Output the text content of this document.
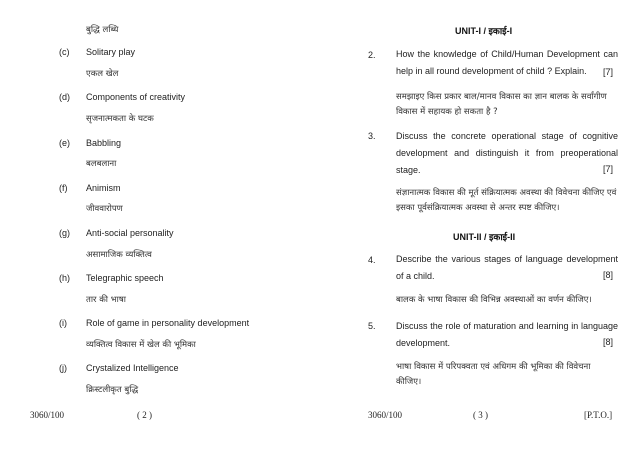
बुद्धि लब्धि
(c) Solitary play
एकल खेल
(d) Components of creativity
सृजनात्मकता के घटक
(e) Babbling
बलबलाना
(f) Animism
जीववारोपण
(g) Anti-social personality
असामाजिक व्यक्तित्व
(h) Telegraphic speech
तार की भाषा
(i) Role of game in personality development
व्यक्तित्व विकास में खेल की भूमिका
(j) Crystalized Intelligence
क्रिस्टलीकृत बुद्धि
3060/100	( 2 )
UNIT-I / इकाई-I
2. How the knowledge of Child/Human Development can help in all round development of child ? Explain.	[7]
समझाइए किस प्रकार बाल/मानव विकास का ज्ञान बालक के सर्वांगीण विकास में सहायक हो सकता है ?
3. Discuss the concrete operational stage of cognitive development and distinguish it from preoperational stage.	[7]
संज्ञानात्मक विकास की मूर्त संक्रियात्मक अवस्था की विवेचना कीजिए एवं इसका पूर्वसंक्रियात्मक अवस्था से अन्तर स्पष्ट कीजिए।
UNIT-II / इकाई-II
4. Describe the various stages of language development of a child.	[8]
बालक के भाषा विकास की विभिन्न अवस्थाओं का वर्णन कीजिए।
5. Discuss the role of maturation and learning in language development.	[8]
भाषा विकास में परिपक्वता एवं अधिगम की भूमिका की विवेचना कीजिए।
3060/100	( 3 )	[P.T.O.]
